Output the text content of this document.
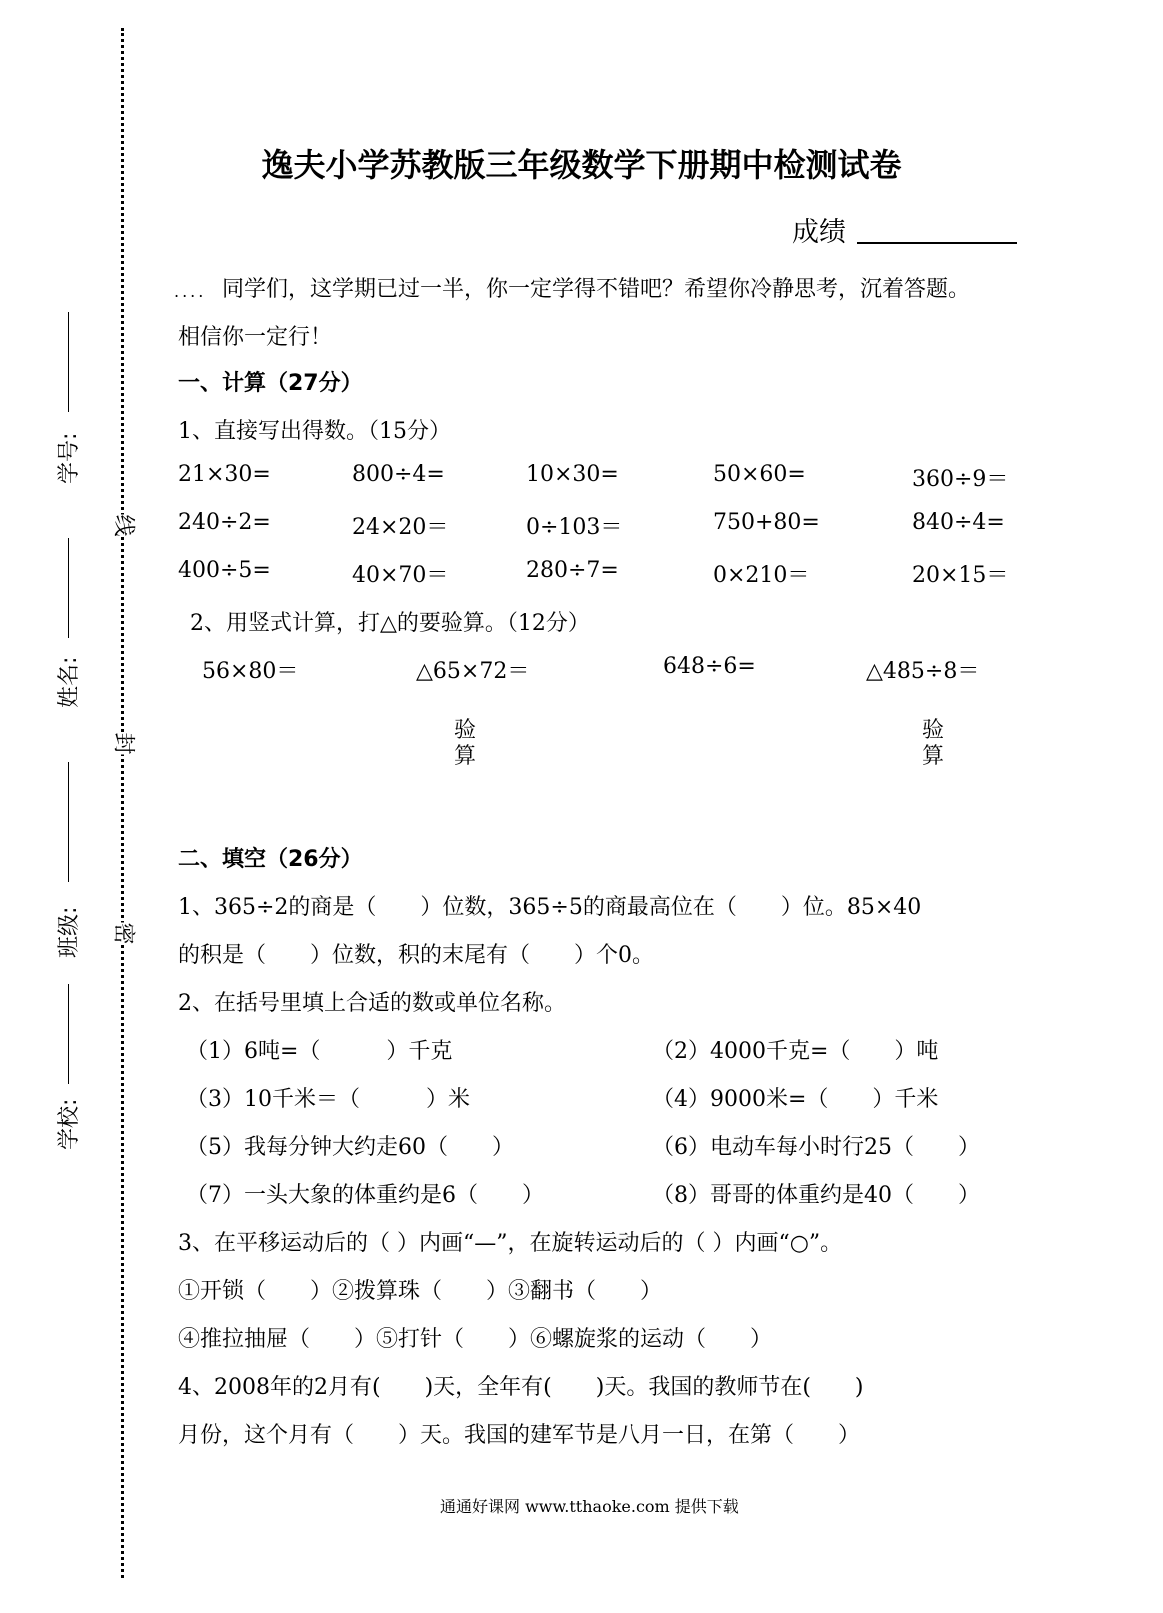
学号:
姓名:
班级:
学校:
线
封
密
逸夫小学苏教版三年级数学下册期中检测试卷
成绩
.... 同学们，这学期已过一半，你一定学得不错吧？希望你冷静思考，沉着答题。
相信你一定行！
一、计算（27分）
1、直接写出得数。（15分）
21×30=	800÷4=	10×30=	50×60=	360÷9＝
240÷2=	24×20＝	0÷103＝	750+80=	840÷4=
400÷5=	40×70＝	280÷7=	0×210＝	20×15＝
2、用竖式计算，打△的要验算。（12分）
56×80＝	△65×72＝	648÷6=	△485÷8＝
验算
验算
二、填空（26分）
1、365÷2的商是（　　）位数，365÷5的商最高位在（　　）位。85×40
的积是（　　）位数，积的末尾有（　　）个0。
2、在括号里填上合适的数或单位名称。
（1）6吨=（　　　）千克	（2）4000千克=（　　）吨
（3）10千米＝（　　　）米	（4）9000米=（　　）千米
（5）我每分钟大约走60（　　）	（6）电动车每小时行25（　　）
（7）一头大象的体重约是6（　　）	（8）哥哥的体重约是40（　　）
3、在平移运动后的（ ）内画“—”，在旋转运动后的（ ）内画“○”。
①开锁（　　）②拨算珠（　　）③翻书（　　）
④推拉抽屉（　　）⑤打针（　　）⑥螺旋浆的运动（　　）
4、2008年的2月有(　　)天，全年有(　　)天。我国的教师节在(　　)
月份，这个月有（　　）天。我国的建军节是八月一日，在第（　　）
通通好课网 www.tthaoke.com 提供下载
